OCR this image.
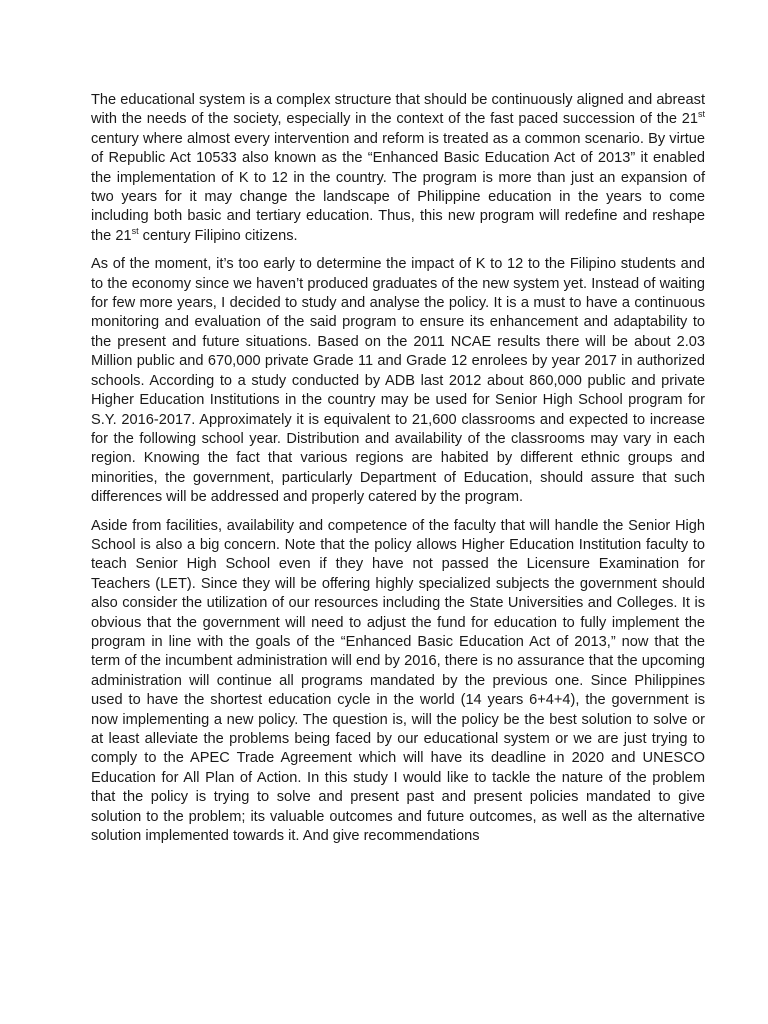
The educational system is a complex structure that should be continuously aligned and abreast with the needs of the society, especially in the context of the fast paced succession of the 21st century where almost every intervention and reform is treated as a common scenario. By virtue of Republic Act 10533 also known as the “Enhanced Basic Education Act of 2013” it enabled the implementation of K to 12 in the country. The program is more than just an expansion of two years for it may change the landscape of Philippine education in the years to come including both basic and tertiary education. Thus, this new program will redefine and reshape the 21st century Filipino citizens.

As of the moment, it’s too early to determine the impact of K to 12 to the Filipino students and to the economy since we haven’t produced graduates of the new system yet. Instead of waiting for few more years, I decided to study and analyse the policy. It is a must to have a continuous monitoring and evaluation of the said program to ensure its enhancement and adaptability to the present and future situations. Based on the 2011 NCAE results there will be about 2.03 Million public and 670,000 private Grade 11 and Grade 12 enrolees by year 2017 in authorized schools. According to a study conducted by ADB last 2012 about 860,000 public and private Higher Education Institutions in the country may be used for Senior High School program for S.Y. 2016-2017. Approximately it is equivalent to 21,600 classrooms and expected to increase for the following school year. Distribution and availability of the classrooms may vary in each region. Knowing the fact that various regions are habited by different ethnic groups and minorities, the government, particularly Department of Education, should assure that such differences will be addressed and properly catered by the program.

Aside from facilities, availability and competence of the faculty that will handle the Senior High School is also a big concern. Note that the policy allows Higher Education Institution faculty to teach Senior High School even if they have not passed the Licensure Examination for Teachers (LET). Since they will be offering highly specialized subjects the government should also consider the utilization of our resources including the State Universities and Colleges. It is obvious that the government will need to adjust the fund for education to fully implement the program in line with the goals of the “Enhanced Basic Education Act of 2013,” now that the term of the incumbent administration will end by 2016, there is no assurance that the upcoming administration will continue all programs mandated by the previous one. Since Philippines used to have the shortest education cycle in the world (14 years 6+4+4), the government is now implementing a new policy. The question is, will the policy be the best solution to solve or at least alleviate the problems being faced by our educational system or we are just trying to comply to the APEC Trade Agreement which will have its deadline in 2020 and UNESCO Education for All Plan of Action. In this study I would like to tackle the nature of the problem that the policy is trying to solve and present past and present policies mandated to give solution to the problem; its valuable outcomes and future outcomes, as well as the alternative solution implemented towards it. And give recommendations
